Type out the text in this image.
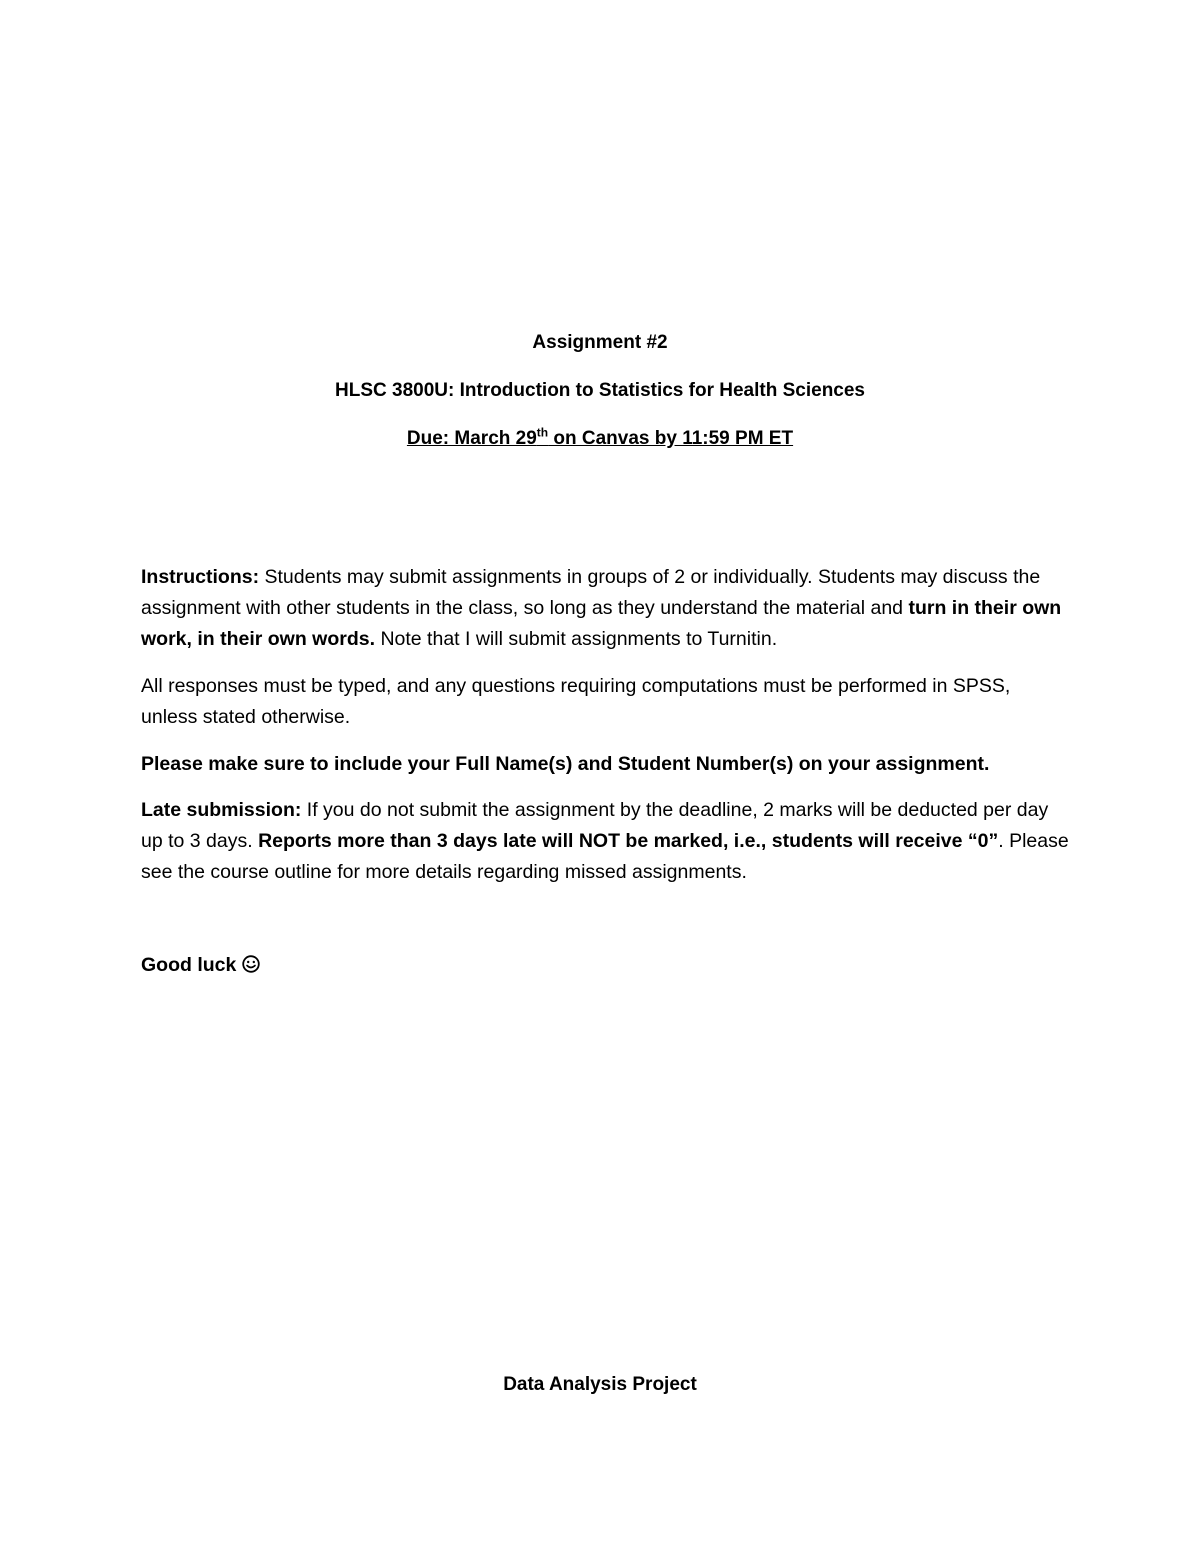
Assignment #2
HLSC 3800U: Introduction to Statistics for Health Sciences
Due: March 29th on Canvas by 11:59 PM ET

Instructions: Students may submit assignments in groups of 2 or individually. Students may discuss the assignment with other students in the class, so long as they understand the material and turn in their own work, in their own words. Note that I will submit assignments to Turnitin.

All responses must be typed, and any questions requiring computations must be performed in SPSS, unless stated otherwise.

Please make sure to include your Full Name(s) and Student Number(s) on your assignment.

Late submission: If you do not submit the assignment by the deadline, 2 marks will be deducted per day up to 3 days. Reports more than 3 days late will NOT be marked, i.e., students will receive “0”. Please see the course outline for more details regarding missed assignments.

Good luck

Data Analysis Project
